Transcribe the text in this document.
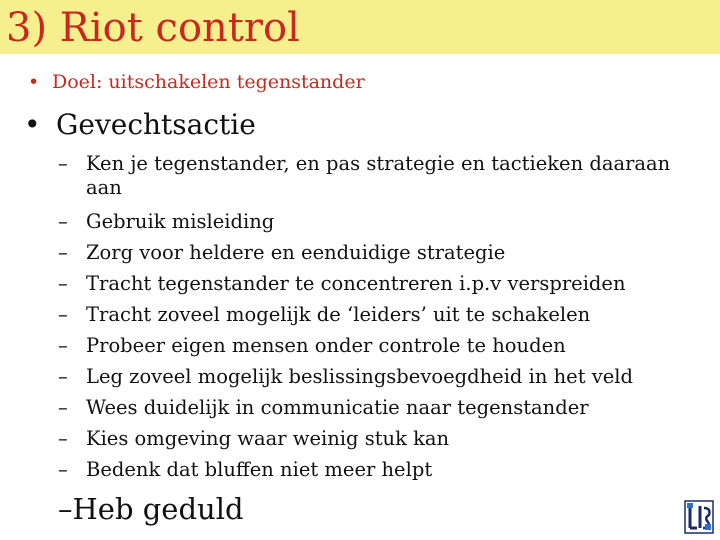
3) Riot control
• Doel: uitschakelen tegenstander
• Gevechtsactie
– Ken je tegenstander, en pas strategie en tactieken daaraan aan
– Gebruik misleiding
– Zorg voor heldere en eenduidige strategie
– Tracht tegenstander te concentreren i.p.v verspreiden
– Tracht zoveel mogelijk de ‘leiders’ uit te schakelen
– Probeer eigen mensen onder controle te houden
– Leg zoveel mogelijk beslissingsbevoegdheid in het veld
– Wees duidelijk in communicatie naar tegenstander
– Kies omgeving waar weinig stuk kan
– Bedenk dat bluffen niet meer helpt
–Heb geduld
